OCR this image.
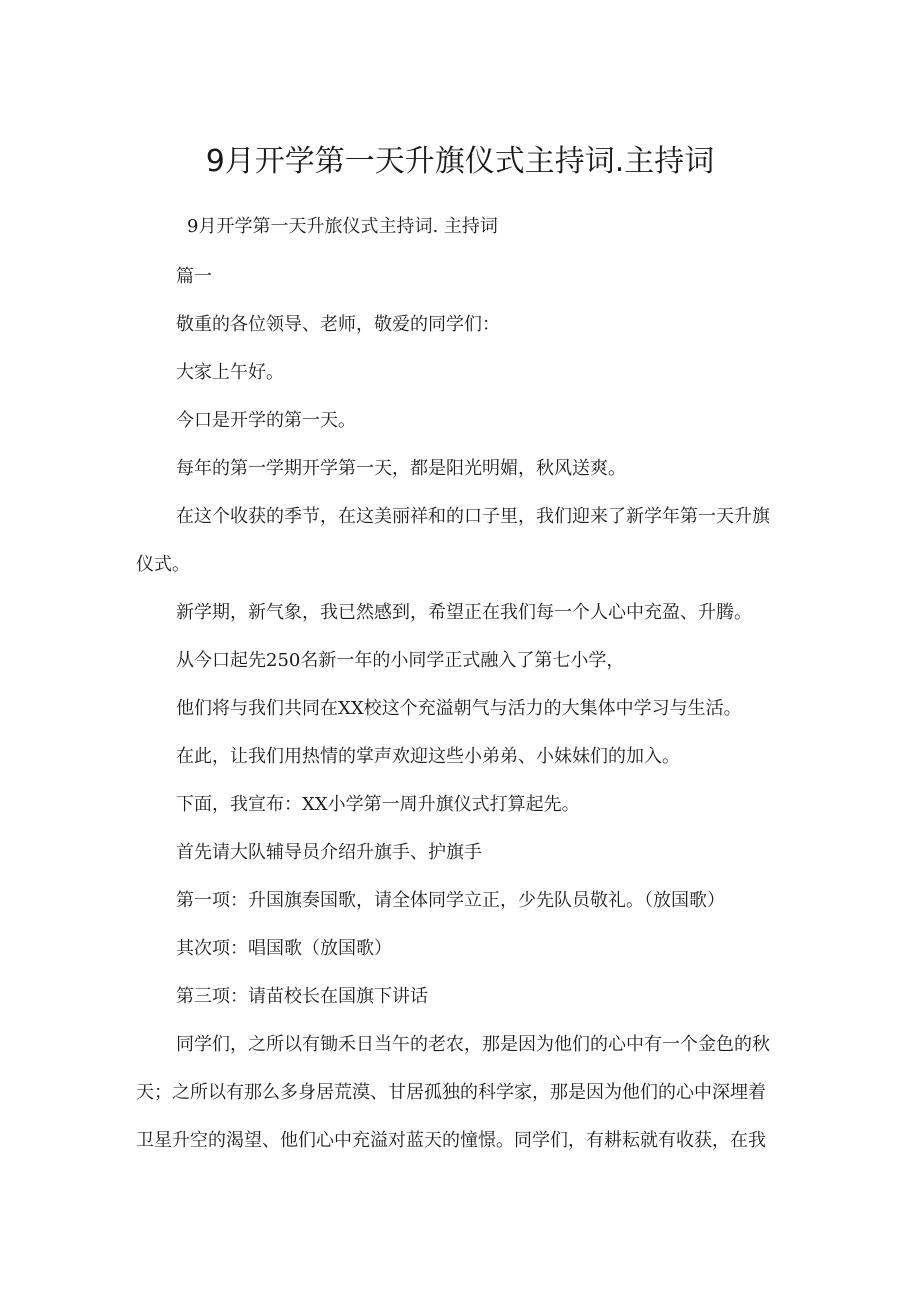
9月开学第一天升旗仪式主持词.主持词

9月开学第一天升旅仪式主持词. 主持词

篇一

敬重的各位领导、老师，敬爱的同学们：

大家上午好。

今口是开学的第一天。

每年的第一学期开学第一天，都是阳光明媚，秋风送爽。

在这个收获的季节，在这美丽祥和的口子里，我们迎来了新学年第一天升旗
仪式。

新学期，新气象，我已然感到，希望正在我们每一个人心中充盈、升腾。

从今口起先250名新一年的小同学正式融入了第七小学，

他们将与我们共同在XX校这个充溢朝气与活力的大集体中学习与生活。

在此，让我们用热情的掌声欢迎这些小弟弟、小妹妹们的加入。

下面，我宣布：XX小学第一周升旗仪式打算起先。

首先请大队辅导员介绍升旗手、护旗手

第一项：升国旗奏国歌，请全体同学立正，少先队员敬礼。（放国歌）

其次项：唱国歌（放国歌）

第三项：请苗校长在国旗下讲话

同学们，之所以有锄禾日当午的老农，那是因为他们的心中有一个金色的秋
天；之所以有那么多身居荒漠、甘居孤独的科学家，那是因为他们的心中深埋着
卫星升空的渴望、他们心中充溢对蓝天的憧憬。同学们，有耕耘就有收获，在我
